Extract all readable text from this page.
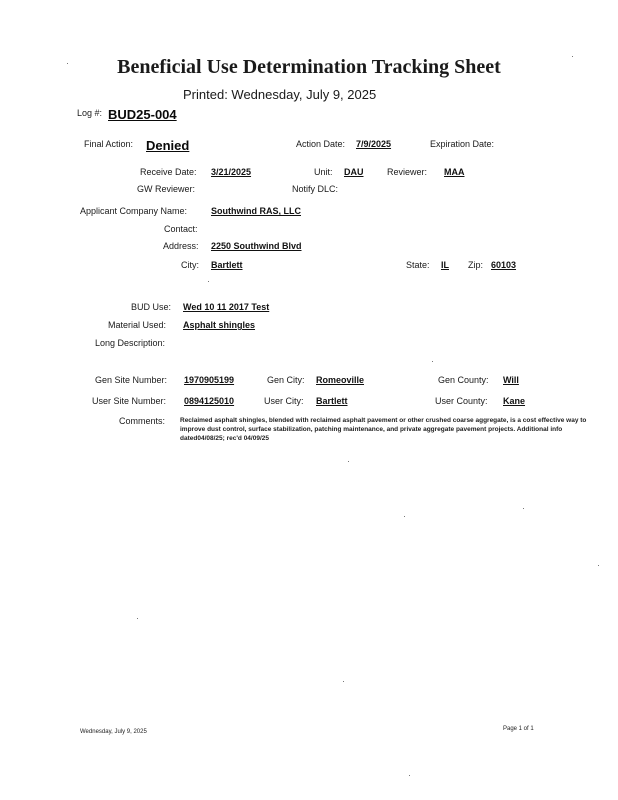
Beneficial Use Determination Tracking Sheet
Printed: Wednesday, July 9, 2025
Log #: BUD25-004
Final Action: Denied	Action Date: 7/9/2025	Expiration Date:
Receive Date: 3/21/2025	Unit: DAU	Reviewer: MAA
GW Reviewer:	Notify DLC:
Applicant Company Name:	Southwind RAS, LLC
Contact:
Address: 2250 Southwind Blvd
City: Bartlett	State: IL Zip: 60103
BUD Use: Wed 10 11 2017 Test
Material Used: Asphalt shingles
Long Description:
Gen Site Number: 1970905199	Gen City: Romeoville	Gen County: Will
User Site Number: 0894125010	User City: Bartlett	User County: Kane
Comments: Reclaimed asphalt shingles, blended with reclaimed asphalt pavement or other crushed coarse aggregate, is a cost effective way to improve dust control, surface stabilization, patching maintenance, and private aggregate pavement projects. Additional info dated04/08/25; rec'd 04/09/25
Wednesday, July 9, 2025	Page 1 of 1
